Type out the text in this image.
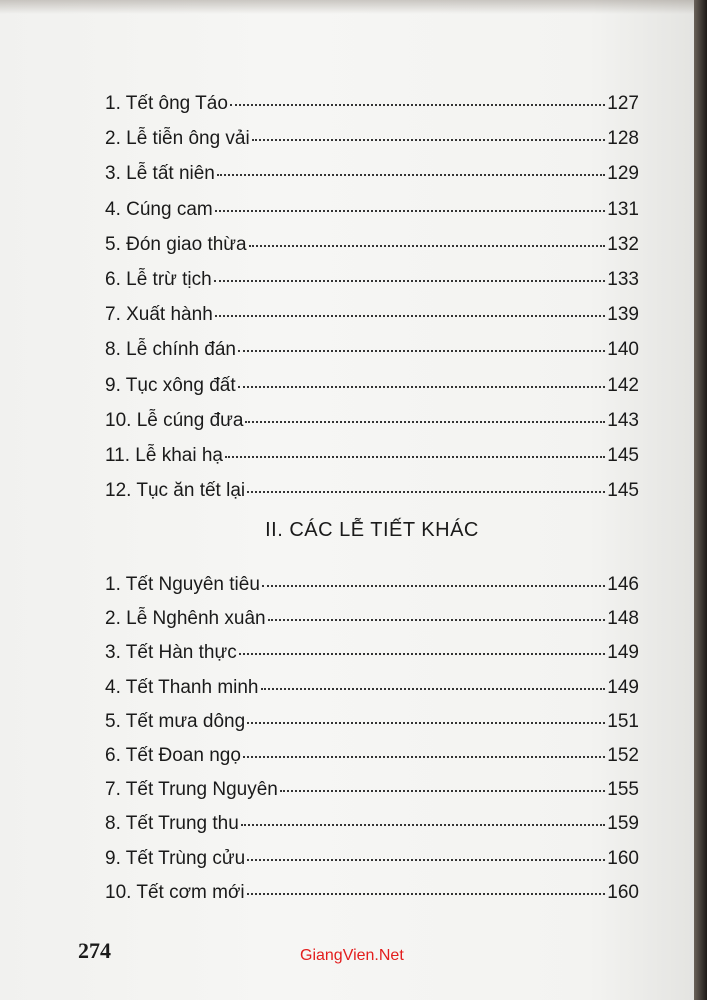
1. Tết ông Táo	127
2. Lễ tiễn ông vải	128
3. Lễ tất niên	129
4. Cúng cam	131
5. Đón giao thừa	132
6. Lễ trừ tịch	133
7. Xuất hành	139
8. Lễ chính đán	140
9. Tục xông đất	142
10. Lễ cúng đưa	143
11. Lễ khai hạ	145
12. Tục ăn tết lại	145
II. CÁC LỄ TIẾT KHÁC
1. Tết Nguyên tiêu	146
2. Lễ Nghênh xuân	148
3. Tết Hàn thực	149
4. Tết Thanh minh	149
5. Tết mưa dông	151
6. Tết Đoan ngọ	152
7. Tết Trung Nguyên	155
8. Tết Trung thu	159
9. Tết Trùng cửu	160
10. Tết cơm mới	160
274	GiangVien.Net
